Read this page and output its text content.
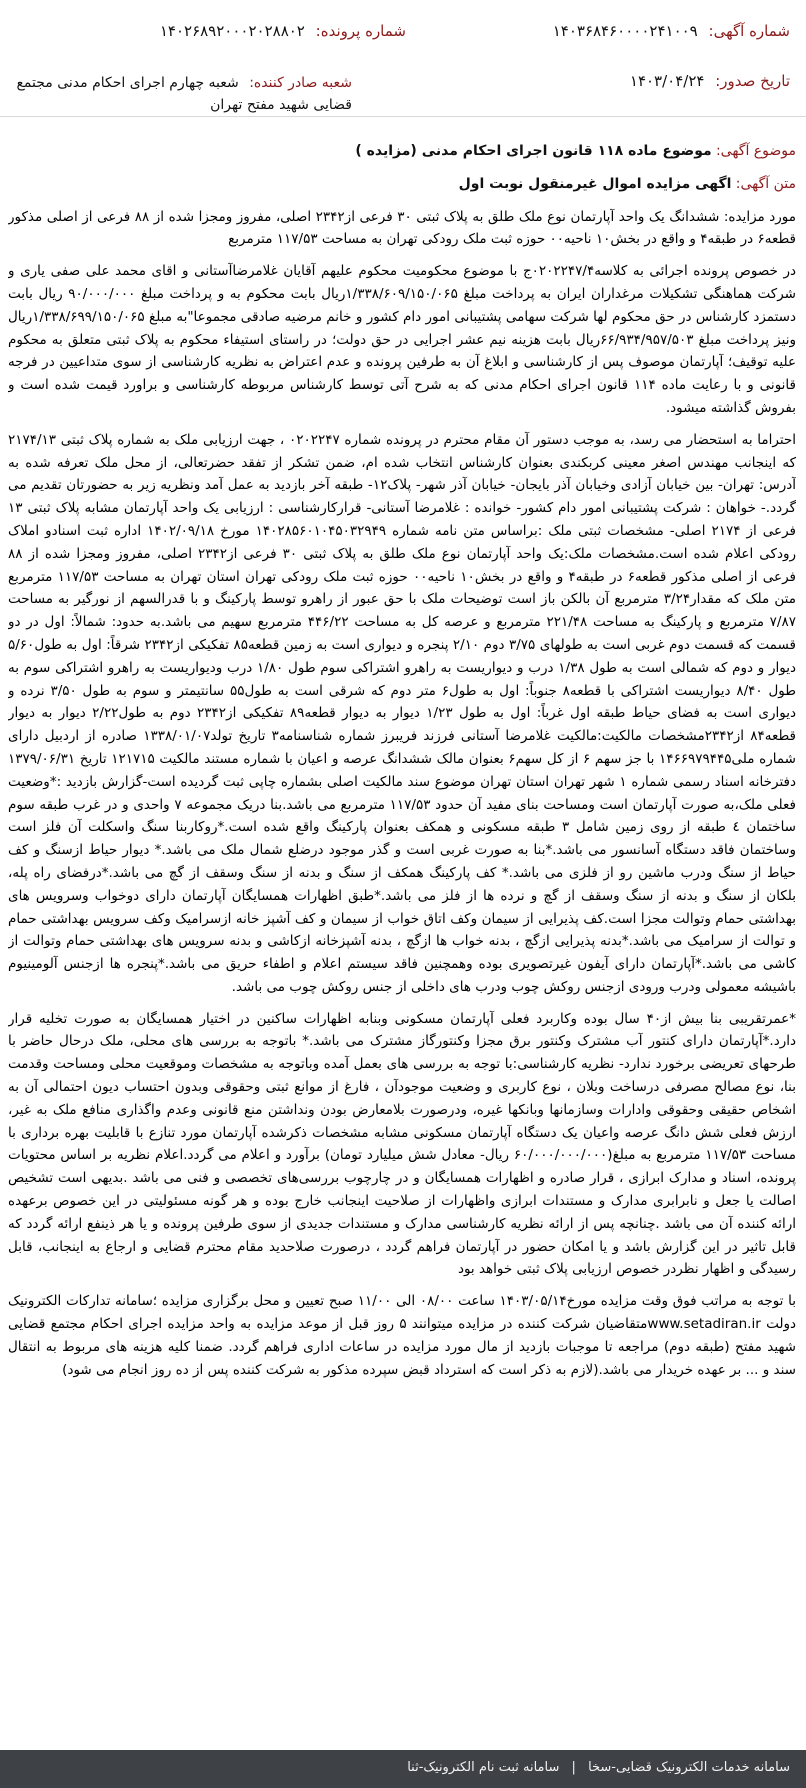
شماره آگهی: ۱۴۰۳۶۸۴۶۰۰۰۰۲۴۱۰۰۹
شماره پرونده: ۱۴۰۲۶۸۹۲۰۰۰۲۰۲۸۸۰۲
تاریخ صدور: ۱۴۰۳/۰۴/۲۴
شعبه صادر کننده: شعبه چهارم اجرای احکام مدنی مجتمع قضایی شهید مفتح تهران

موضوع آگهی: موضوع ماده ۱۱۸ قانون اجرای احکام مدنی (مزایده )

متن آگهی: اگهی مزایده اموال غیرمنقول نوبت اول

مورد مزایده: ششدانگ یک واحد آپارتمان نوع ملک طلق به پلاک ثبتی ۳۰ فرعی از۲۳۴۲ اصلی، مفروز ومجزا شده از ۸۸ فرعی از اصلی مذکور قطعه۶ در طبقه۴ و واقع در بخش۱۰ ناحیه۰۰ حوزه ثبت ملک رودکی تهران به مساحت ۱۱۷/۵۳ مترمربع

در خصوص پرونده اجرائی به کلاسه۰۲۰۲۲۴۷/۴ج با موضوع محکومیت محکوم علیهم آقایان غلامرضاآستانی و اقای محمد علی صفی یاری و شرکت هماهنگی تشکیلات مرغداران ایران به پرداخت مبلغ ۱/۳۳۸/۶۰۹/۱۵۰/۰۶۵ریال بابت محکوم به و پرداخت مبلغ ۹۰/۰۰۰/۰۰۰ ریال بابت دستمزد کارشناس در حق محکوم لها شرکت سهامی پشتیبانی امور دام کشور و خانم مرضیه صادقی مجموعا"به مبلغ ۱/۳۳۸/۶۹۹/۱۵۰/۰۶۵ریال ونیز پرداخت مبلغ ۶۶/۹۳۴/۹۵۷/۵۰۳ریال بابت هزینه نیم عشر اجرایی در حق دولت؛ در راستای استیفاء محکوم به پلاک ثبتی متعلق به محکوم علیه توقیف؛ آپارتمان موصوف پس از کارشناسی و ابلاغ آن به طرفین پرونده و عدم اعتراض به نظریه کارشناسی از سوی متداعیین در فرجه قانونی و با رعایت ماده ۱۱۴ قانون اجرای احکام مدنی که به شرح آتی توسط کارشناس مربوطه کارشناسی و براورد قیمت شده است و بفروش گذاشته میشود.

احتراما به استحضار می رسد، به موجب دستور آن مقام محترم در پرونده شماره ۰۲۰۲۲۴۷ ، جهت ارزیابی ملک به شماره پلاک ثبتی ۲۱۷۴/۱۳ که اینجانب مهندس اصغر معینی کربکندی بعنوان کارشناس انتخاب شده ام، ضمن تشکر از تفقد حضرتعالی، از محل ملک تعرفه شده به آدرس: تهران- بین خیابان آزادی وخیابان آذر بایجان- خیابان آذر شهر- پلاک۱۲- طبقه آخر بازدید به عمل آمد ونظریه زیر به حضورتان تقدیم می گردد.- خواهان : شرکت پشتیبانی امور دام کشور- خوانده : غلامرضا آستانی- قرارکارشناسی : ارزیابی یک واحد آپارتمان مشابه پلاک ثبتی ۱۳ فرعی از ۲۱۷۴ اصلی- مشخصات ثبتی ملک :براساس متن نامه شماره ۱۴۰۲۸۵۶۰۱۰۴۵۰۳۲۹۴۹ مورخ ۱۴۰۲/۰۹/۱۸ اداره ثبت اسنادو املاک رودکی اعلام شده است.مشخصات ملک:یک واحد آپارتمان نوع ملک طلق به پلاک ثبتی ۳۰ فرعی از۲۳۴۲ اصلی، مفروز ومجزا شده از ۸۸ فرعی از اصلی مذکور قطعه۶ در طبقه۴ و واقع در بخش۱۰ ناحیه۰۰ حوزه ثبت ملک رودکی تهران استان تهران به مساحت ۱۱۷/۵۳ مترمربع متن ملک که مقدار۳/۲۴ مترمربع آن بالکن باز است توضیحات ملک با حق عبور از راهرو توسط پارکینگ و با قدرالسهم از نورگیر به مساحت ۷/۸۷ مترمربع و پارکینگ به مساحت ۲۲۱/۴۸ مترمربع و عرصه کل به مساحت ۴۴۶/۲۲ مترمربع سهیم می باشد.به حدود: شمالاً: اول در دو قسمت که قسمت دوم غربی است به طولهای ۳/۷۵ دوم ۲/۱۰ پنجره و دیواری است به زمین قطعه۸۵ تفکیکی از۲۳۴۲ شرقاً: اول به طول۵/۶۰ دیوار و دوم که شمالی است به طول ۱/۳۸ درب و دیواریست به راهرو اشتراکی سوم طول ۱/۸۰ درب ودیواریست به راهرو اشتراکی سوم به طول ۸/۴۰ دیواریست اشتراکی با قطعه۸ جنوباً: اول به طول۶ متر دوم که شرقی است به طول۵۵ سانتیمتر و سوم به طول ۳/۵۰ نرده و دیواری است به فضای حیاط طبقه اول غرباً: اول به طول ۱/۲۳ دیوار به دیوار قطعه۸۹ تفکیکی از۲۳۴۲ دوم به طول۲/۲۲ دیوار به دیوار قطعه۸۴ از۲۳۴۲مشخصات مالکیت:مالکیت غلامرضا آستانی فرزند فریبرز شماره شناسنامه۳ تاریخ تولد۱۳۳۸/۰۱/۰۷ صادره از اردبیل دارای شماره ملی۱۴۶۶۹۷۹۴۴۵ با جز سهم ۶ از کل سهم۶ بعنوان مالک ششدانگ عرصه و اعیان با شماره مستند مالکیت ۱۲۱۷۱۵ تاریخ ۱۳۷۹/۰۶/۳۱ دفترخانه اسناد رسمی شماره ۱ شهر تهران استان تهران موضوع سند مالکیت اصلی بشماره چاپی ثبت گردیده است-گزارش بازدید :*وضعیت فعلی ملک،به صورت آپارتمان است ومساحت بنای مفید آن حدود ۱۱۷/۵۳ مترمربع می باشد.بنا دریک مجموعه ۷ واحدی و در غرب طبقه سوم ساختمان ٤ طبقه از روی زمین شامل ۳ طبقه مسکونی و همکف بعنوان پارکینگ واقع شده است.*روکاربنا سنگ واسکلت آن فلز است وساختمان فاقد دستگاه آسانسور می باشد.*بنا به صورت غربی است و گذر موجود درضلع شمال ملک می باشد.* دیوار حیاط ازسنگ و کف حیاط از سنگ ودرب ماشین رو از فلزی می باشد.* کف پارکینگ همکف از سنگ و بدنه از سنگ وسقف از گچ می باشد.*درفضای راه پله، بلکان از سنگ و بدنه از سنگ وسقف از گچ و نرده ها از فلز می باشد.*طبق اظهارات همسایگان آپارتمان دارای دوخواب وسرویس های بهداشتی حمام وتوالت مجزا است.کف پذیرایی از سیمان وکف اتاق خواب از سیمان و کف آشپز خانه ازسرامیک وکف سرویس بهداشتی حمام و توالت از سرامیک می باشد.*بدنه پذیرایی ازگچ ، بدنه خواب ها ازگچ ، بدنه آشپزخانه ازکاشی و بدنه سرویس های بهداشتی حمام وتوالت از کاشی می باشد.*آپارتمان دارای آیفون غیرتصویری بوده وهمچنین فاقد سیستم اعلام و اطفاء حریق می باشد.*پنجره ها ازجنس آلومینیوم باشیشه معمولی ودرب ورودی ازجنس روکش چوب ودرب های داخلی از جنس روکش چوب می باشد.

*عمرتقریبی بنا بیش از۴۰ سال بوده وکاربرد فعلی آپارتمان مسکونی وبنابه اظهارات ساکنین در اختیار همسایگان به صورت تخلیه قرار دارد.*آپارتمان دارای کنتور آب مشترک وکنتور برق مجزا وکنتورگاز مشترک می باشد.* باتوجه به بررسی های محلی، ملک درحال حاضر با طرحهای تعریضی برخورد ندارد- نظریه کارشناسی:با توجه به بررسی های بعمل آمده وباتوجه به مشخصات وموقعیت محلی ومساحت وقدمت بنا، نوع مصالح مصرفی درساخت وبلان ، نوع کاربری و وضعیت موجودآن ، فارغ از موانع ثبتی وحقوقی وبدون احتساب دیون احتمالی آن به اشخاص حقیقی وحقوقی وادارات وسازمانها وبانکها غیره، ودرصورت بلامعارض بودن ونداشتن منع قانونی وعدم واگذاری منافع ملک به غیر، ارزش فعلی شش دانگ عرصه واعیان یک دستگاه آپارتمان مسکونی مشابه مشخصات ذکرشده آپارتمان مورد تنازع با قابلیت بهره برداری با مساحت ۱۱۷/۵۳ مترمربع به مبلغ(۶۰/۰۰۰/۰۰۰/۰۰۰ ریال- معادل شش میلیارد تومان) برآورد و اعلام می گردد.اعلام نظریه بر اساس محتویات پرونده، اسناد و مدارک ابرازی ، قرار صادره و اظهارات همسایگان و در چارچوب بررسی‌های تخصصی و فنی می باشد .بدیهی است تشخیص اصالت یا جعل و نابرابری مدارک و مستندات ابرازی واظهارات از صلاحیت اینجانب خارج بوده و هر گونه مسئولیتی در این خصوص برعهده ارائه کننده آن می باشد .چنانچه پس از ارائه نظریه کارشناسی مدارک و مستندات جدیدی از سوی طرفین پرونده و یا هر ذینفع ارائه گردد که قابل تاثیر در این گزارش باشد و یا امکان حضور در آپارتمان فراهم گردد ، درصورت صلاحدید مقام محترم قضایی و ارجاع به اینجانب، قابل رسیدگی و اظهار نظردر خصوص ارزیابی پلاک ثبتی خواهد بود

با توجه به مراتب فوق وقت مزایده مورخ۱۴۰۳/۰۵/۱۴ ساعت ۰۸/۰۰ الی ۱۱/۰۰ صبح تعیین و محل برگزاری مزایده ؛سامانه تدارکات الکترونیک دولت www.setadiran.irمتقاضیان شرکت کننده در مزایده میتوانند ۵ روز قبل از موعد مزایده به واحد مزایده اجرای احکام مجتمع قضایی شهید مفتح (طبقه دوم) مراجعه تا موجبات بازدید از مال مورد مزایده در ساعات اداری فراهم گردد. ضمنا کلیه هزینه های مربوط به انتقال سند و ... بر عهده خریدار می باشد.(لازم به ذکر است که استرداد قبض سپرده مذکور به شرکت کننده پس از ده روز انجام می شود)

سامانه خدمات الکترونیک قضایی-سخا | سامانه ثبت نام الکترونیک-ثنا
